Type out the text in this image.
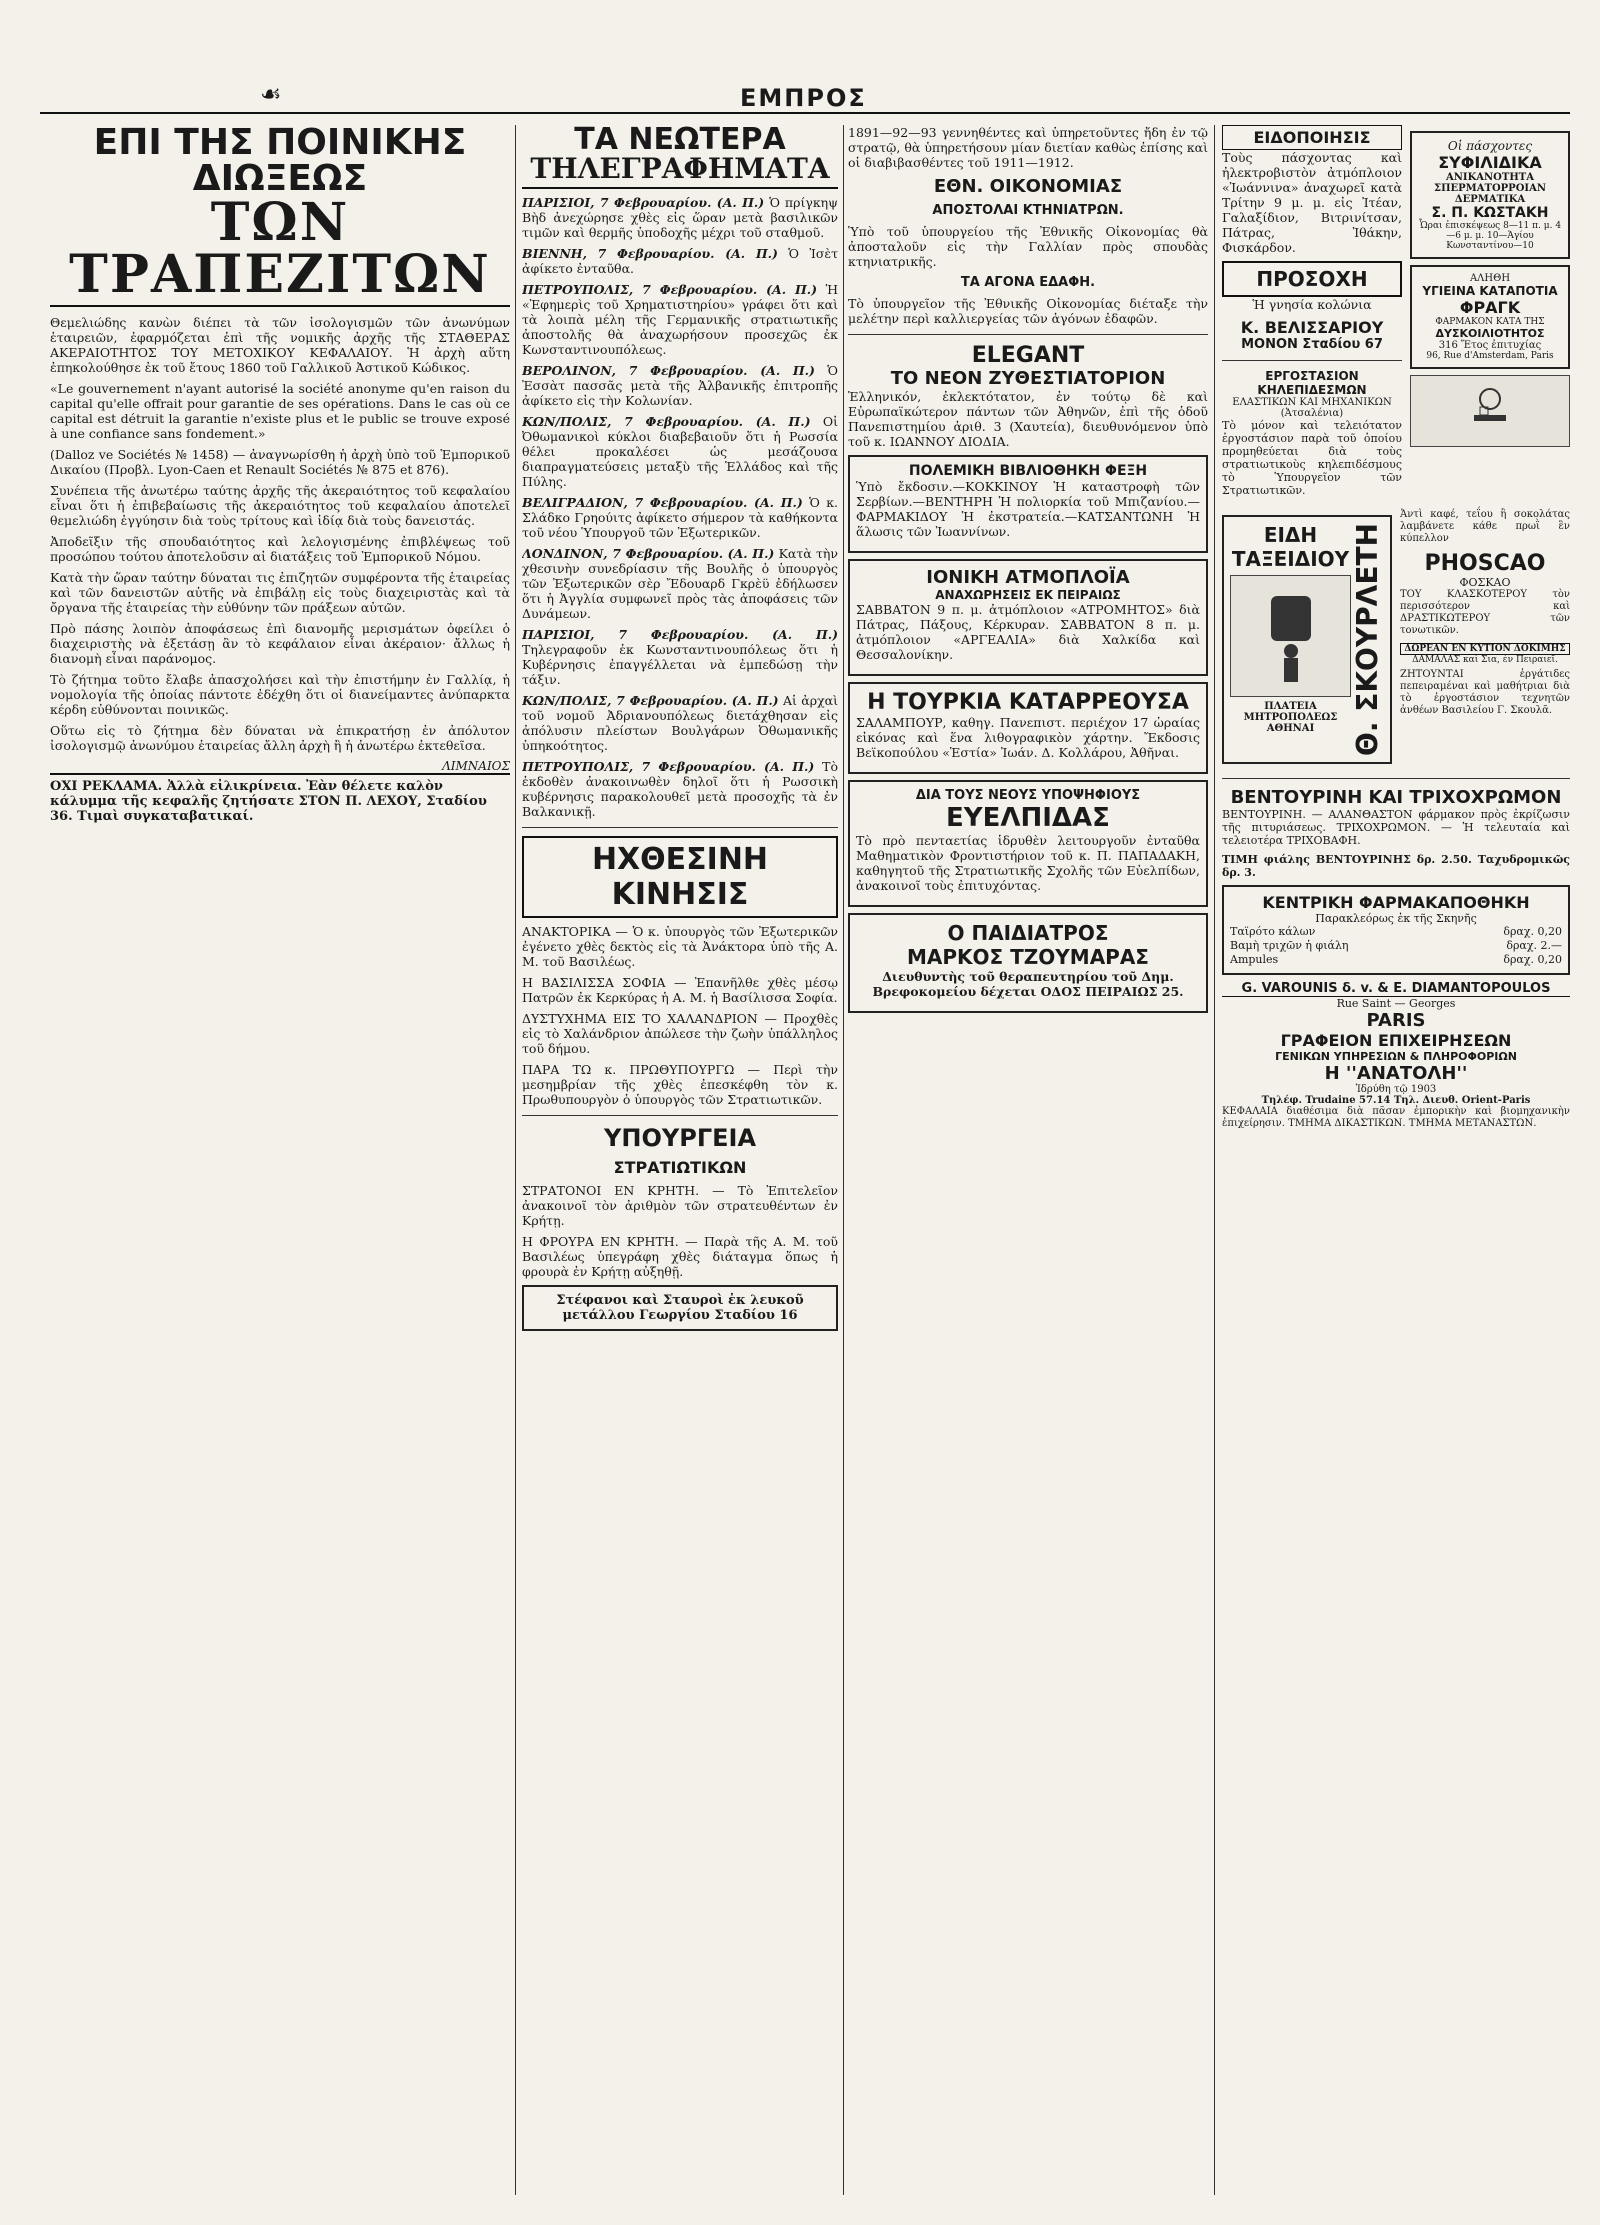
☙	ΕΜΠΡΟΣ
ΕΠΙ ΤΗΣ ΠΟΙΝΙΚΗΣ ΔΙΩΞΕΩΣ
ΤΩΝ ΤΡΑΠΕΖΙΤΩΝ

Θεμελιώδης κανὼν διέπει τὰ τῶν ἰσολογισμῶν τῶν ἀνωνύμων ἑταιρειῶν, ἐφαρμόζεται ἐπὶ τῆς νομικῆς ἀρχῆς τῆς ΣΤΑΘΕΡΑΣ ΑΚΕΡΑΙΟΤΗΤΟΣ ΤΟΥ ΜΕΤΟΧΙΚΟΥ ΚΕΦΑΛΑΙΟΥ. Ἡ ἀρχὴ αὕτη ἐπηκολούθησε ἐκ τοῦ ἔτους 1860 τοῦ Γαλλικοῦ Ἀστικοῦ Κώδικος.

«Le gouvernement n'ayant autorisé la société anonyme qu'en raison du capital qu'elle offrait pour garantie de ses opérations. Dans le cas où ce capital est détruit la garantie n'existe plus et le public se trouve exposé à une confiance sans fondement.»

(Dalloz ve Sociétés № 1458) — ἀναγνωρίσθη ἡ ἀρχὴ ὑπὸ τοῦ Ἑμπορικοῦ Δικαίου (Προβλ. Lyon-Caen et Renault Sociétés № 875 et 876).

Συνέπεια τῆς ἀνωτέρω ταύτης ἀρχῆς τῆς ἀκεραιότητος τοῦ κεφαλαίου εἶναι ὅτι ἡ ἐπιβεβαίωσις τῆς ἀκεραιότητος τοῦ κεφαλαίου ἀποτελεῖ θεμελιώδη ἐγγύησιν διὰ τοὺς τρίτους καὶ ἰδίᾳ διὰ τοὺς δανειστάς.

Ἀποδεῖξιν τῆς σπουδαιότητος καὶ λελογισμένης ἐπιβλέψεως τοῦ προσώπου τούτου ἀποτελοῦσιν αἱ διατάξεις τοῦ Ἐμπορικοῦ Νόμου.

Κατὰ τὴν ὥραν ταύτην δύναται τις ἐπιζητῶν συμφέροντα τῆς ἑταιρείας καὶ τῶν δανειστῶν αὐτῆς νὰ ἐπιβάλῃ εἰς τοὺς διαχειριστὰς καὶ τὰ ὄργανα τῆς ἑταιρείας τὴν εὐθύνην τῶν πράξεων αὐτῶν.

Πρὸ πάσης λοιπὸν ἀποφάσεως ἐπὶ διανομῆς μερισμάτων ὀφείλει ὁ διαχειριστὴς νὰ ἐξετάσῃ ἂν τὸ κεφάλαιον εἶναι ἀκέραιον· ἄλλως ἡ διανομὴ εἶναι παράνομος.

Τὸ ζήτημα τοῦτο ἔλαβε ἀπασχολήσει καὶ τὴν ἐπιστήμην ἐν Γαλλίᾳ, ἡ νομολογία τῆς ὁποίας πάντοτε ἐδέχθη ὅτι οἱ διανείμαντες ἀνύπαρκτα κέρδη εὐθύνονται ποινικῶς.

Οὕτω εἰς τὸ ζήτημα δὲν δύναται νὰ ἐπικρατήσῃ ἐν ἀπόλυτον ἰσολογισμῷ ἀνωνύμου ἑταιρείας ἄλλη ἀρχὴ ἢ ἡ ἀνωτέρω ἐκτεθεῖσα.

ΛΙΜΝΑΙΟΣ
ΟΧΙ ΡΕΚΛΑΜΑ. Ἀλλὰ εἰλικρίνεια. Ἐὰν θέλετε καλὸν κάλυμμα τῆς κεφαλῆς ζητήσατε ΣΤΟΝ Π. ΛΕΧΟΥ, Σταδίου 36. Τιμαὶ συγκαταβατικαί.
ΤΑ ΝΕΩΤΕΡΑ
ΤΗΛΕΓΡΑΦΗΜΑΤΑ

ΠΑΡΙΣΙΟΙ, 7 Φεβρουαρίου. (Α. Π.) Ὁ πρίγκηψ Βὴδ ἀνεχώρησε χθὲς εἰς ὥραν μετὰ βασιλικῶν τιμῶν καὶ θερμῆς ὑποδοχῆς μέχρι τοῦ σταθμοῦ.

ΒΙΕΝΝΗ, 7 Φεβρουαρίου. (Α. Π.) Ὁ Ἰσὲτ ἀφίκετο ἐνταῦθα.

ΠΕΤΡΟΥΠΟΛΙΣ, 7 Φεβρουαρίου. (Α. Π.) Ἡ «Ἐφημερὶς τοῦ Χρηματιστηρίου» γράφει ὅτι καὶ τὰ λοιπὰ μέλη τῆς Γερμανικῆς στρατιωτικῆς ἀποστολῆς θὰ ἀναχωρήσουν προσεχῶς ἐκ Κωνσταντινουπόλεως.

ΒΕΡΟΛΙΝΟΝ, 7 Φεβρουαρίου. (Α. Π.) Ὁ Ἐσσὰτ πασσᾶς μετὰ τῆς Ἀλβανικῆς ἐπιτροπῆς ἀφίκετο εἰς τὴν Κολωνίαν.

ΚΩΝ/ΠΟΛΙΣ, 7 Φεβρουαρίου. (Α. Π.) Οἱ Ὀθωμανικοὶ κύκλοι διαβεβαιοῦν ὅτι ἡ Ρωσσία θέλει προκαλέσει ὡς μεσάζουσα διαπραγματεύσεις μεταξὺ τῆς Ἑλλάδος καὶ τῆς Πύλης.

ΒΕΛΙΓΡΑΔΙΟΝ, 7 Φεβρουαρίου. (Α. Π.) Ὁ κ. Σλάδκο Γρηούιτς ἀφίκετο σήμερον τὰ καθήκοντα τοῦ νέου Ὑπουργοῦ τῶν Ἐξωτερικῶν.

ΛΟΝΔΙΝΟΝ, 7 Φεβρουαρίου. (Α. Π.) Κατὰ τὴν χθεσινὴν συνεδρίασιν τῆς Βουλῆς ὁ ὑπουργὸς τῶν Ἐξωτερικῶν σὲρ Ἔδουαρδ Γκρὲϋ ἐδήλωσεν ὅτι ἡ Ἀγγλία συμφωνεῖ πρὸς τὰς ἀποφάσεις τῶν Δυνάμεων.

ΠΑΡΙΣΙΟΙ, 7 Φεβρουαρίου. (Α. Π.) Τηλεγραφοῦν ἐκ Κωνσταντινουπόλεως ὅτι ἡ Κυβέρνησις ἐπαγγέλλεται νὰ ἐμπεδώσῃ τὴν τάξιν.

ΚΩΝ/ΠΟΛΙΣ, 7 Φεβρουαρίου. (Α. Π.) Αἱ ἀρχαὶ τοῦ νομοῦ Ἀδριανουπόλεως διετάχθησαν εἰς ἀπόλυσιν πλείστων Βουλγάρων Ὀθωμανικῆς ὑπηκοότητος.

ΠΕΤΡΟΥΠΟΛΙΣ, 7 Φεβρουαρίου. (Α. Π.) Τὸ ἐκδοθὲν ἀνακοινωθὲν δηλοῖ ὅτι ἡ Ρωσσικὴ κυβέρνησις παρακολουθεῖ μετὰ προσοχῆς τὰ ἐν Βαλκανικῇ.

ΗΧΘΕΣΙΝΗ ΚΙΝΗΣΙΣ

ΑΝΑΚΤΟΡΙΚΑ — Ὁ κ. ὑπουργὸς τῶν Ἐξωτερικῶν ἐγένετο χθὲς δεκτὸς εἰς τὰ Ἀνάκτορα ὑπὸ τῆς Α. Μ. τοῦ Βασιλέως.

Η ΒΑΣΙΛΙΣΣΑ ΣΟΦΙΑ — Ἐπανῆλθε χθὲς μέσῳ Πατρῶν ἐκ Κερκύρας ἡ Α. Μ. ἡ Βασίλισσα Σοφία.

ΔΥΣΤΥΧΗΜΑ ΕΙΣ ΤΟ ΧΑΛΑΝΔΡΙΟΝ — Προχθὲς εἰς τὸ Χαλάνδριον ἀπώλεσε τὴν ζωὴν ὑπάλληλος τοῦ δήμου.

ΠΑΡΑ ΤΩ κ. ΠΡΩΘΥΠΟΥΡΓΩ — Περὶ τὴν μεσημβρίαν τῆς χθὲς ἐπεσκέφθη τὸν κ. Πρωθυπουργὸν ὁ ὑπουργὸς τῶν Στρατιωτικῶν.

ΥΠΟΥΡΓΕΙΑ
ΣΤΡΑΤΙΩΤΙΚΩΝ

ΣΤΡΑΤΟΝΟΙ ΕΝ ΚΡΗΤΗ. — Τὸ Ἐπιτελεῖον ἀνακοινοῖ τὸν ἀριθμὸν τῶν στρατευθέντων ἐν Κρήτῃ.

Η ΦΡΟΥΡΑ ΕΝ ΚΡΗΤΗ. — Παρὰ τῆς Α. Μ. τοῦ Βασιλέως ὑπεγράφη χθὲς διάταγμα ὅπως ἡ φρουρὰ ἐν Κρήτῃ αὐξηθῇ.

Στέφανοι καὶ Σταυροὶ ἐκ λευκοῦ μετάλλου Γεωργίου Σταδίου 16

1891—92—93 γεννηθέντες καὶ ὑπηρετοῦντες ἤδη ἐν τῷ στρατῷ, θὰ ὑπηρετήσουν μίαν διετίαν καθὼς ἐπίσης καὶ οἱ διαβιβασθέντες τοῦ 1911—1912.

ΕΘΝ. ΟΙΚΟΝΟΜΙΑΣ
ΑΠΟΣΤΟΛΑΙ ΚΤΗΝΙΑΤΡΩΝ.

Ὑπὸ τοῦ ὑπουργείου τῆς Ἐθνικῆς Οἰκονομίας θὰ ἀποσταλοῦν εἰς τὴν Γαλλίαν πρὸς σπουδὰς κτηνιατρικῆς.

ΤΑ ΑΓΟΝΑ ΕΔΑΦΗ.

Τὸ ὑπουργεῖον τῆς Ἐθνικῆς Οἰκονομίας διέταξε τὴν μελέτην περὶ καλλιεργείας τῶν ἀγόνων ἐδαφῶν.

ELEGANT
ΤΟ ΝΕΟΝ ΖΥΘΕΣΤΙΑΤΟΡΙΟΝ

Ἑλληνικόν, ἐκλεκτότατον, ἐν τούτῳ δὲ καὶ Εὐρωπαϊκώτερον πάντων τῶν Ἀθηνῶν, ἐπὶ τῆς ὁδοῦ Πανεπιστημίου ἀριθ. 3 (Χαυτεία), διευθυνόμενον ὑπὸ τοῦ κ. ΙΩΑΝΝΟΥ ΔΙΟΔΙΑ.

ΠΟΛΕΜΙΚΗ ΒΙΒΛΙΟΘΗΚΗ ΦΕΞΗ

Ὑπὸ ἔκδοσιν.—ΚΟΚΚΙΝΟΥ Ἡ καταστροφὴ τῶν Σερβίων.—ΒΕΝΤΗΡΗ Ἡ πολιορκία τοῦ Μπιζανίου.—ΦΑΡΜΑΚΙΔΟΥ Ἡ ἐκστρατεία.—ΚΑΤΣΑΝΤΩΝΗ Ἡ ἅλωσις τῶν Ἰωαννίνων.

ΙΟΝΙΚΗ ΑΤΜΟΠΛΟΪΑ
ΑΝΑΧΩΡΗΣΕΙΣ ΕΚ ΠΕΙΡΑΙΩΣ

ΣΑΒΒΑΤΟΝ 9 π. μ. ἀτμόπλοιον «ΑΤΡΟΜΗΤΟΣ» διὰ Πάτρας, Πάξους, Κέρκυραν. ΣΑΒΒΑΤΟΝ 8 π. μ. ἀτμόπλοιον «ΑΡΓΕΑΛΙΑ» διὰ Χαλκίδα καὶ Θεσσαλονίκην.

Η ΤΟΥΡΚΙΑ ΚΑΤΑΡΡΕΟΥΣΑ

ΣΑΛΑΜΠΟΥΡ, καθηγ. Πανεπιστ. περιέχον 17 ὡραίας εἰκόνας καὶ ἕνα λιθογραφικὸν χάρτην. Ἔκδοσις Βεϊκοπούλου «Ἑστία» Ἰωάν. Δ. Κολλάρου, Ἀθῆναι.

ΔΙΑ ΤΟΥΣ ΝΕΟΥΣ ΥΠΟΨΗΦΙΟΥΣ
ΕΥΕΛΠΙΔΑΣ

Τὸ πρὸ πενταετίας ἱδρυθὲν λειτουργοῦν ἐνταῦθα Μαθηματικὸν Φροντιστήριον τοῦ κ. Π. ΠΑΠΑΔΑΚΗ, καθηγητοῦ τῆς Στρατιωτικῆς Σχολῆς τῶν Εὐελπίδων, ἀνακοινοῖ τοὺς ἐπιτυχόντας.

Ο ΠΑΙΔΙΑΤΡΟΣ
ΜΑΡΚΟΣ ΤΖΟΥΜΑΡΑΣ

Διευθυντὴς τοῦ θεραπευτηρίου τοῦ Δημ. Βρεφοκομείου δέχεται ΟΔΟΣ ΠΕΙΡΑΙΩΣ 25.

ΕΙΔΟΠΟΙΗΣΙΣ

Τοὺς πάσχοντας καὶ ἠλεκτροβιστὸν ἀτμόπλοιον «Ἰωάννινα» ἀναχωρεῖ κατὰ Τρίτην 9 μ. μ. εἰς Ἰτέαν, Γαλαξίδιον, Βιτρινίτσαν, Πάτρας, Ἰθάκην, Φισκάρδον.

ΠΡΟΣΟΧΗ

Ἡ γνησία κολώνια

Κ. ΒΕΛΙΣΣΑΡΙΟΥ
ΜΟΝΟΝ Σταδίου 67
ΕΡΓΟΣΤΑΣΙΟΝ ΚΗΛΕΠΙΔΕΣΜΩΝ
ΕΛΑΣΤΙΚΩΝ ΚΑΙ ΜΗΧΑΝΙΚΩΝ (Ἀτσαλένια)

Τὸ μόνον καὶ τελειότατον ἐργοστάσιον παρὰ τοῦ ὁποίου προμηθεύεται διὰ τοὺς στρατιωτικοὺς κηλεπιδέσμους τὸ Ὑπουργεῖον τῶν Στρατιωτικῶν.

Οἱ πάσχοντες
ΣΥΦΙΛΙΔΙΚΑ
ΑΝΙΚΑΝΟΤΗΤΑ ΣΠΕΡΜΑΤΟΡΡΟΙΑΝ ΔΕΡΜΑΤΙΚΑ
Σ. Π. ΚΩΣΤΑΚΗ
Ὧραι ἐπισκέψεως 8—11 π. μ. 4—6 μ. μ. 10—Ἁγίου Κωνσταντίνου—10
ΑΛΗΘΗ
ΥΓΙΕΙΝΑ ΚΑΤΑΠΟΤΙΑ
ΦΡΑΓΚ
ΦΑΡΜΑΚΟΝ ΚΑΤΑ ΤΗΣ
ΔΥΣΚΟΙΛΙΟΤΗΤΟΣ
316 Ἔτος ἐπιτυχίας
96, Rue d'Amsterdam, Paris
ΕΙΔΗ ΤΑΞΕΙΔΙΟΥ
ΠΛΑΤΕΙΑ ΜΗΤΡΟΠΟΛΕΩΣ ΑΘΗΝΑΙ	Θ. ΣΚΟΥΡΛΕΤΗ

Ἀντὶ καφέ, τεΐου ἢ σοκολάτας λαμβάνετε κάθε πρωῒ ἓν κύπελλον

PHOSCAO
ΦΟΣΚΑΟ

ΤΟΥ ΚΛΑΣΚΟΤΕΡΟΥ τὸν περισσότερον καὶ ΔΡΑΣΤΙΚΩΤΕΡΟΥ τῶν τονωτικῶν.

ΔΩΡΕΑΝ ΕΝ ΚΥΤΙΟΝ ΔΟΚΙΜΗΣ
ΔΑΜΑΛΑΣ καὶ Σια, ἐν Πειραιεῖ.

ΖΗΤΟΥΝΤΑΙ ἐργάτιδες πεπειραμέναι καὶ μαθήτριαι διὰ τὸ ἐργοστάσιον τεχνητῶν ἀνθέων Βασιλείου Γ. Σκουλᾶ.

ΒΕΝΤΟΥΡΙΝΗ ΚΑΙ ΤΡΙΧΟΧΡΩΜΟΝ

ΒΕΝΤΟΥΡΙΝΗ. — ΑΛΑΝΘΑΣΤΟΝ φάρμακον πρὸς ἐκρίζωσιν τῆς πιτυριάσεως. ΤΡΙΧΟΧΡΩΜΟΝ. — Ἡ τελευταία καὶ τελειοτέρα ΤΡΙΧΟΒΑΦΗ.

ΤΙΜΗ φιάλης ΒΕΝΤΟΥΡΙΝΗΣ δρ. 2.50. Ταχυδρομικῶς δρ. 3.

ΚΕΝΤΡΙΚΗ ΦΑΡΜΑΚΑΠΟΘΗΚΗ
Παρακλεόρως ἐκ τῆς Σκηνῆς
Ταϊρότο κάλων	δραχ. 0,20
Βαμὴ τριχῶν ἡ φιάλη	δραχ. 2.—
Ampules	δραχ. 0,20
G. VAROUNIS δ. v. & E. DIAMANTOPOULOS
Rue Saint — Georges
PARIS
ΓΡΑΦΕΙΟΝ ΕΠΙΧΕΙΡΗΣΕΩΝ
ΓΕΝΙΚΩΝ ΥΠΗΡΕΣΙΩΝ & ΠΛΗΡΟΦΟΡΙΩΝ
Η ''ΑΝΑΤΟΛΗ''
Ἱδρύθη τῷ 1903
Τηλέφ. Trudaine 57.14 Τηλ. Διευθ. Orient-Paris

ΚΕΦΑΛΑΙΑ διαθέσιμα διὰ πᾶσαν ἐμπορικὴν καὶ βιομηχανικὴν ἐπιχείρησιν. ΤΜΗΜΑ ΔΙΚΑΣΤΙΚΩΝ. ΤΜΗΜΑ ΜΕΤΑΝΑΣΤΩΝ.
